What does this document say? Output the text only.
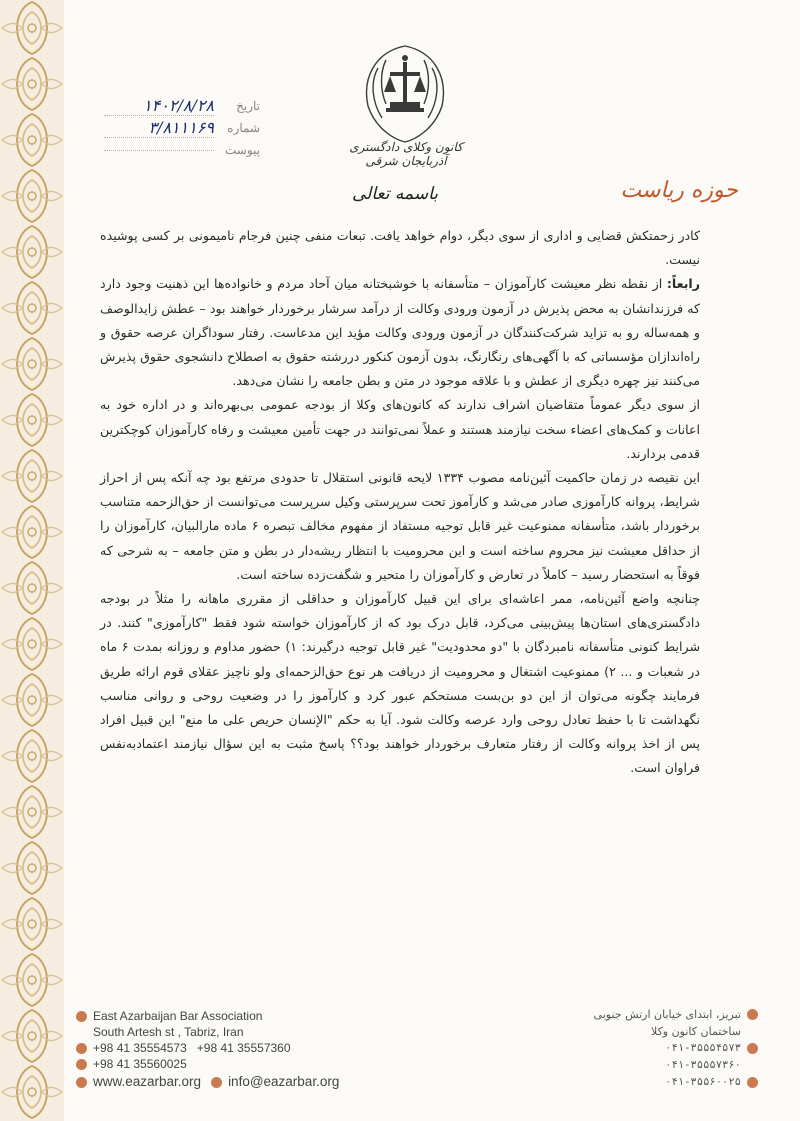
کانون وکلای دادگستری آذربایجان شرقی
باسمه تعالی	حوزه ریاست
تاریخ
۱۴۰۲/۸/۲۸
شماره
۳/۸۱۱۱۶۹
پیوست

کادر زحمتکش قضایی و اداری از سوی دیگر، دوام خواهد یافت. تبعات منفی چنین فرجام نامیمونی بر کسی پوشیده نیست.

رابعاً: از نقطه نظر معیشت کارآموزان – متأسفانه با خوشبختانه میان آحاد مردم و خانواده‌ها این ذهنیت وجود دارد که فرزندانشان به محض پذیرش در آزمون ورودی وکالت از درآمد سرشار برخوردار خواهند بود – عطش زایدالوصف و همه‌ساله رو به تزاید شرکت‌کنندگان در آزمون ورودی وکالت مؤید این مدعاست. رفتار سوداگران عرصه حقوق و راه‌اندازان مؤسساتی که با آگهی‌های رنگارنگ، بدون آزمون کنکور دررشته حقوق به اصطلاح دانشجوی حقوق پذیرش می‌کنند نیز چهره دیگری از عطش و با علاقه موجود در متن و بطن جامعه را نشان می‌دهد.

از سوی دیگر عموماً متقاضیان اشراف ندارند که کانون‌های وکلا از بودجه عمومی بی‌بهره‌اند و در اداره خود به اعانات و کمک‌های اعضاء سخت نیازمند هستند و عملاً نمی‌توانند در جهت تأمین معیشت و رفاه کارآموزان کوچکترین قدمی بردارند.

این نقیصه در زمان حاکمیت آئین‌نامه مصوب ۱۳۳۴ لایحه قانونی استقلال تا حدودی مرتفع بود چه آنکه پس از احراز شرایط، پروانه کارآموزی صادر می‌شد و کارآموز تحت سرپرستی وکیل سرپرست می‌توانست از حق‌الزحمه متناسب برخوردار باشد، متأسفانه ممنوعیت غیر قابل توجیه مستفاد از مفهوم مخالف تبصره ۶ ماده مارالبیان، کارآموزان را از حداقل معیشت نیز محروم ساخته است و این محرومیت با انتظار ریشه‌دار در بطن و متن جامعه – به شرحی که فوقاً به استحضار رسید – کاملاً در تعارض و کارآموزان را متحیر و شگفت‌زده ساخته است.

چنانچه واضع آئین‌نامه، ممر اعاشه‌ای برای این قبیل کارآموزان و حداقلی از مقرری ماهانه را مثلاً در بودجه دادگستری‌های استان‌ها پیش‌بینی می‌کرد، قابل درک بود که از کارآموزان خواسته شود فقط "کارآموزی" کنند. در شرایط کنونی متأسفانه نامبردگان با "دو محدودیت" غیر قابل توجیه درگیرند: ۱) حضور مداوم و روزانه بمدت ۶ ماه در شعبات و ... ۲) ممنوعیت اشتغال و محرومیت از دریافت هر نوع حق‌الزحمه‌ای ولو ناچیز عقلای قوم ارائه طریق فرمایند چگونه می‌توان از این دو بن‌بست مستحکم عبور کرد و کارآموز را در وضعیت روحی و روانی مناسب نگهداشت تا با حفظ تعادل روحی وارد عرصه وکالت شود. آیا به حکم "الإنسان حریص علی ما منع" این قبیل افراد پس از اخذ پروانه وکالت از رفتار متعارف برخوردار خواهند بود؟؟ پاسخ مثبت به این سؤال نیازمند اعتمادبه‌نفس فراوان است.

East Azarbaijan Bar Association
South Artesh st , Tabriz, Iran
+98 41 35554573 +98 41 35557360
+98 41 35560025
www.eazarbar.org info@eazarbar.org
تبریز، ابتدای خیابان ارتش جنوبی
ساختمان کانون وکلا
۰۴۱-۳۵۵۵۴۵۷۳
۰۴۱-۳۵۵۵۷۳۶۰
۰۴۱-۳۵۵۶۰۰۲۵
